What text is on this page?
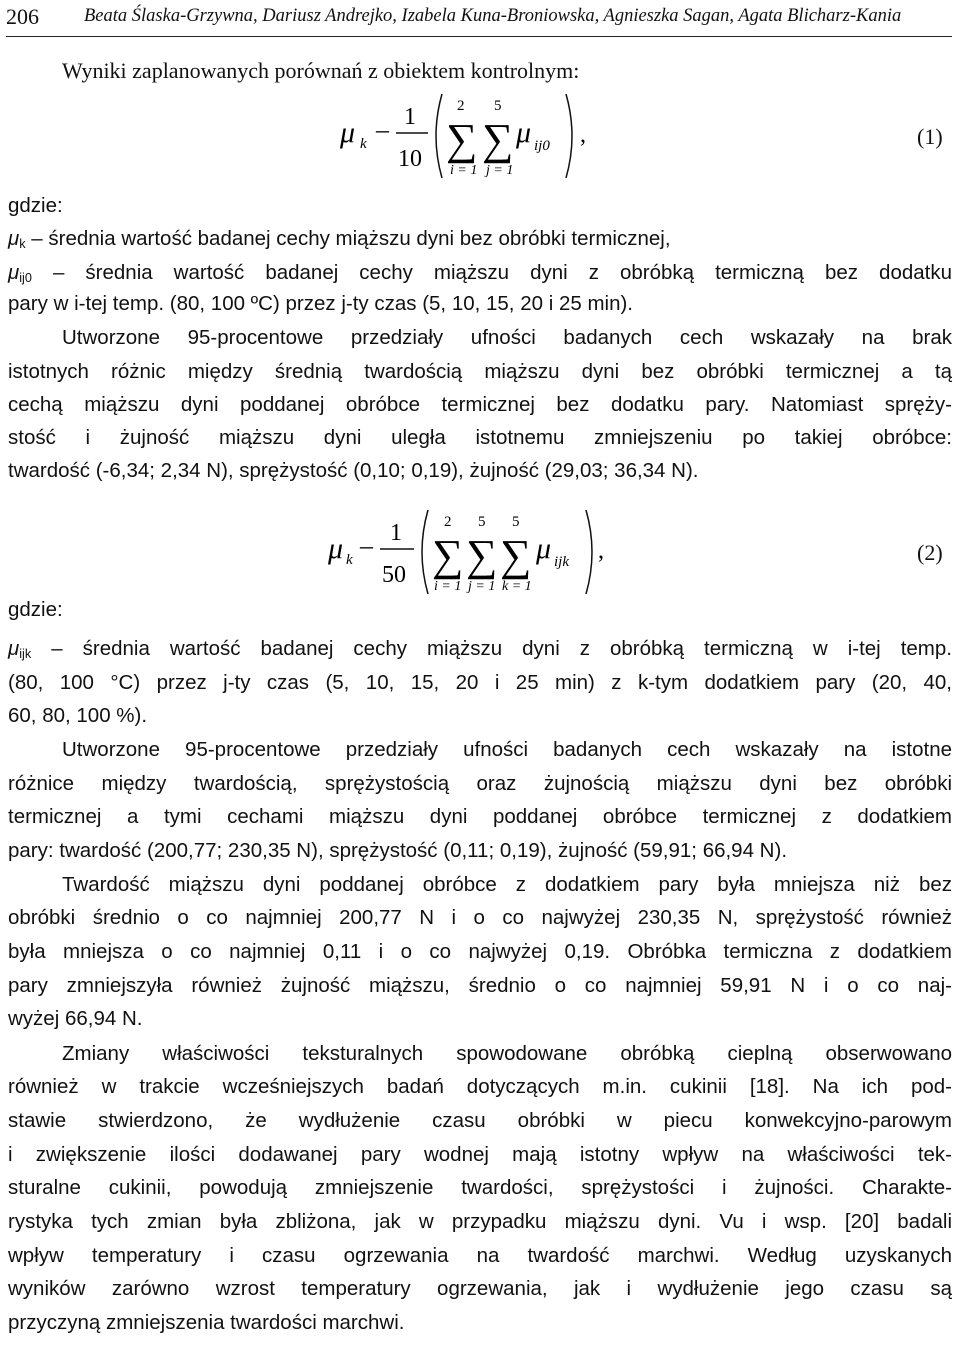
206 Beata Ślaska-Grzywna, Dariusz Andrejko, Izabela Kuna-Broniowska, Agnieszka Sagan, Agata Blicharz-Kania
Wyniki zaplanowanych porównań z obiektem kontrolnym:
μ k – 1
10
2
∑
i = 1
5
∑
j = 1
μ ij0 ,	(1)
gdzie:
$\mu_k$ – średnia wartość badanej cechy miąższu dyni bez obróbki termicznej,
$\mu_{ij0}$ – średnia wartość badanej cechy miąższu dyni z obróbką termiczną bez dodatku
pary w i-tej temp. (80, 100 ºC) przez j-ty czas (5, 10, 15, 20 i 25 min).
Utworzone 95-procentowe przedziały ufności badanych cech wskazały na brak
istotnych różnic między średnią twardością miąższu dyni bez obróbki termicznej a tą
cechą miąższu dyni poddanej obróbce termicznej bez dodatku pary. Natomiast spręży-
stość i żujność miąższu dyni uległa istotnemu zmniejszeniu po takiej obróbce:
twardość (-6,34; 2,34 N), sprężystość (0,10; 0,19), żujność (29,03; 36,34 N).
μ k – 1
50
2
∑
i = 1
5
∑
j = 1
5
∑
k = 1
μ ijk ,	(2)
gdzie:
$\mu_{ijk}$ – średnia wartość badanej cechy miąższu dyni z obróbką termiczną w i-tej temp.
(80, 100 °C) przez j-ty czas (5, 10, 15, 20 i 25 min) z k-tym dodatkiem pary (20, 40,
60, 80, 100 %).
Utworzone 95-procentowe przedziały ufności badanych cech wskazały na istotne
różnice między twardością, sprężystością oraz żujnością miąższu dyni bez obróbki
termicznej a tymi cechami miąższu dyni poddanej obróbce termicznej z dodatkiem
pary: twardość (200,77; 230,35 N), sprężystość (0,11; 0,19), żujność (59,91; 66,94 N).
Twardość miąższu dyni poddanej obróbce z dodatkiem pary była mniejsza niż bez
obróbki średnio o co najmniej 200,77 N i o co najwyżej 230,35 N, sprężystość również
była mniejsza o co najmniej 0,11 i o co najwyżej 0,19. Obróbka termiczna z dodatkiem
pary zmniejszyła również żujność miąższu, średnio o co najmniej 59,91 N i o co naj-
wyżej 66,94 N.
Zmiany właściwości teksturalnych spowodowane obróbką cieplną obserwowano
również w trakcie wcześniejszych badań dotyczących m.in. cukinii [18]. Na ich pod-
stawie stwierdzono, że wydłużenie czasu obróbki w piecu konwekcyjno-parowym
i zwiększenie ilości dodawanej pary wodnej mają istotny wpływ na właściwości tek-
sturalne cukinii, powodują zmniejszenie twardości, sprężystości i żujności. Charakte-
rystyka tych zmian była zbliżona, jak w przypadku miąższu dyni. Vu i wsp. [20] badali
wpływ temperatury i czasu ogrzewania na twardość marchwi. Według uzyskanych
wyników zarówno wzrost temperatury ogrzewania, jak i wydłużenie jego czasu są
przyczyną zmniejszenia twardości marchwi.
